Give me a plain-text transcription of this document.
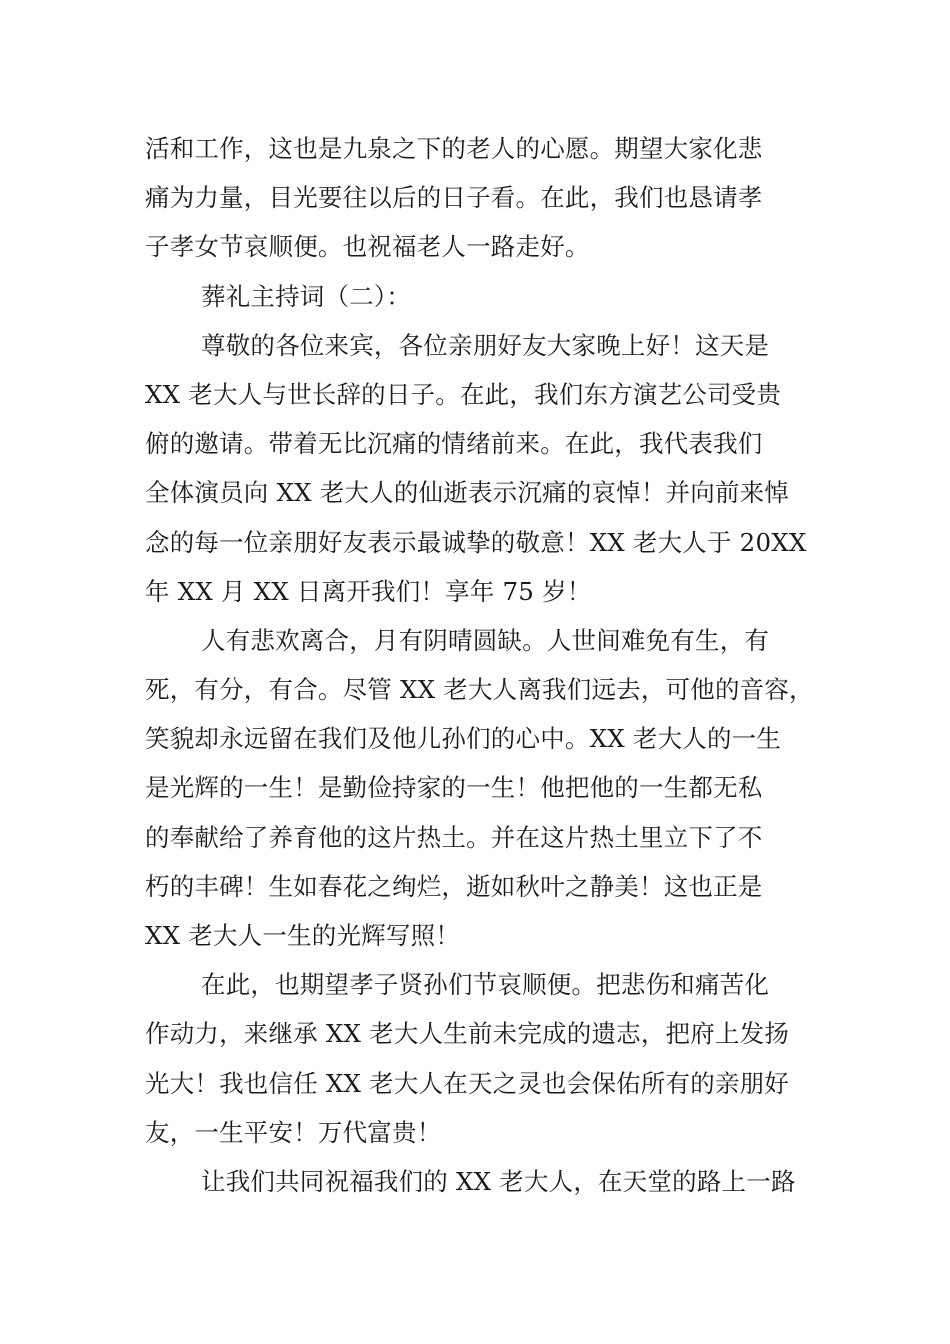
活和工作，这也是九泉之下的老人的心愿。期望大家化悲
痛为力量，目光要往以后的日子看。在此，我们也恳请孝
子孝女节哀顺便。也祝福老人一路走好。
葬礼主持词（二）：
尊敬的各位来宾，各位亲朋好友大家晚上好！这天是
XX 老大人与世长辞的日子。在此，我们东方演艺公司受贵
俯的邀请。带着无比沉痛的情绪前来。在此，我代表我们
全体演员向 XX 老大人的仙逝表示沉痛的哀悼！并向前来悼
念的每一位亲朋好友表示最诚挚的敬意！XX 老大人于 20XX
年 XX 月 XX 日离开我们！享年 75 岁！
人有悲欢离合，月有阴晴圆缺。人世间难免有生，有
死，有分，有合。尽管 XX 老大人离我们远去，可他的音容，
笑貌却永远留在我们及他儿孙们的心中。XX 老大人的一生
是光辉的一生！是勤俭持家的一生！他把他的一生都无私
的奉献给了养育他的这片热土。并在这片热土里立下了不
朽的丰碑！生如春花之绚烂，逝如秋叶之静美！这也正是
XX 老大人一生的光辉写照！
在此，也期望孝子贤孙们节哀顺便。把悲伤和痛苦化
作动力，来继承 XX 老大人生前未完成的遗志，把府上发扬
光大！我也信任 XX 老大人在天之灵也会保佑所有的亲朋好
友，一生平安！万代富贵！
让我们共同祝福我们的 XX 老大人，在天堂的路上一路
